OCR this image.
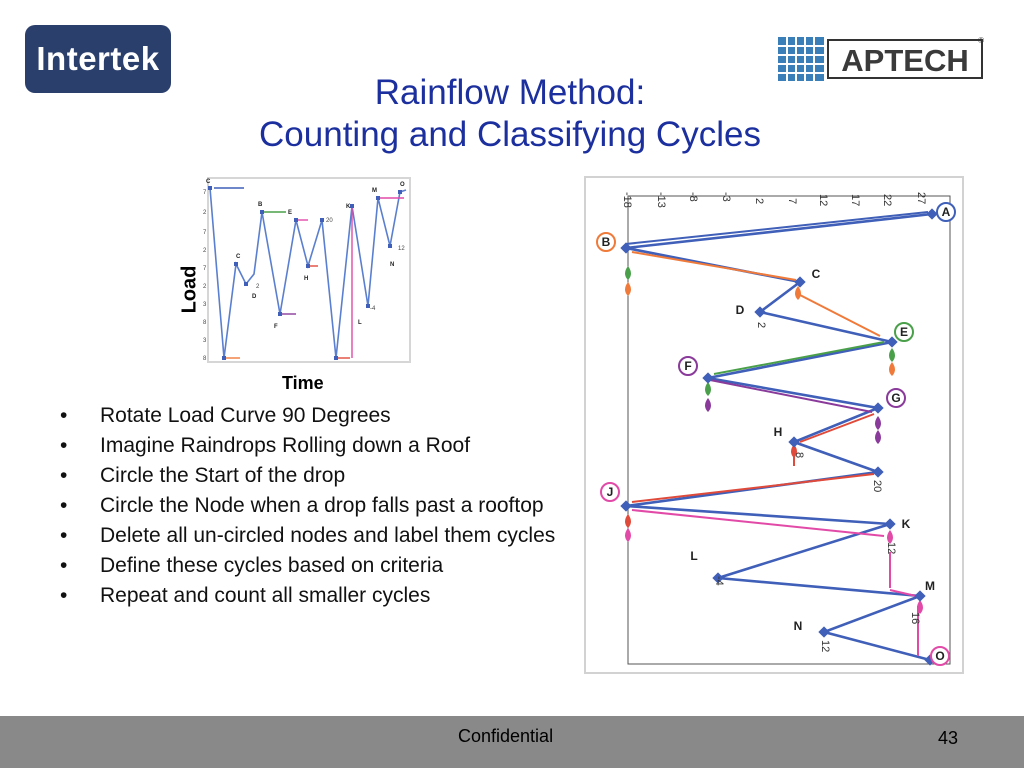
Intertek	APTECH
®
Rainflow Method:
Counting and Classifying Cycles
7
2
7
2
7
2
3
8
3
8
C
B
C
E
F
D
H
K
L
M
N
O
2
20
12
-4
Load
Time
• Rotate Load Curve 90 Degrees
• Imagine Raindrops Rolling down a Roof
• Circle the Start of the drop
• Circle the Node when a drop falls past a rooftop
• Delete all un-circled nodes and label them cycles
• Define these cycles based on criteria
• Repeat and count all smaller cycles
-18 -13 -8 -3 2 7 12 17 22 27
A
B
C
D
E
F
G
H
J
K
L
M
N
O
2
8
20
12
-4
16
12
Confidential	43
